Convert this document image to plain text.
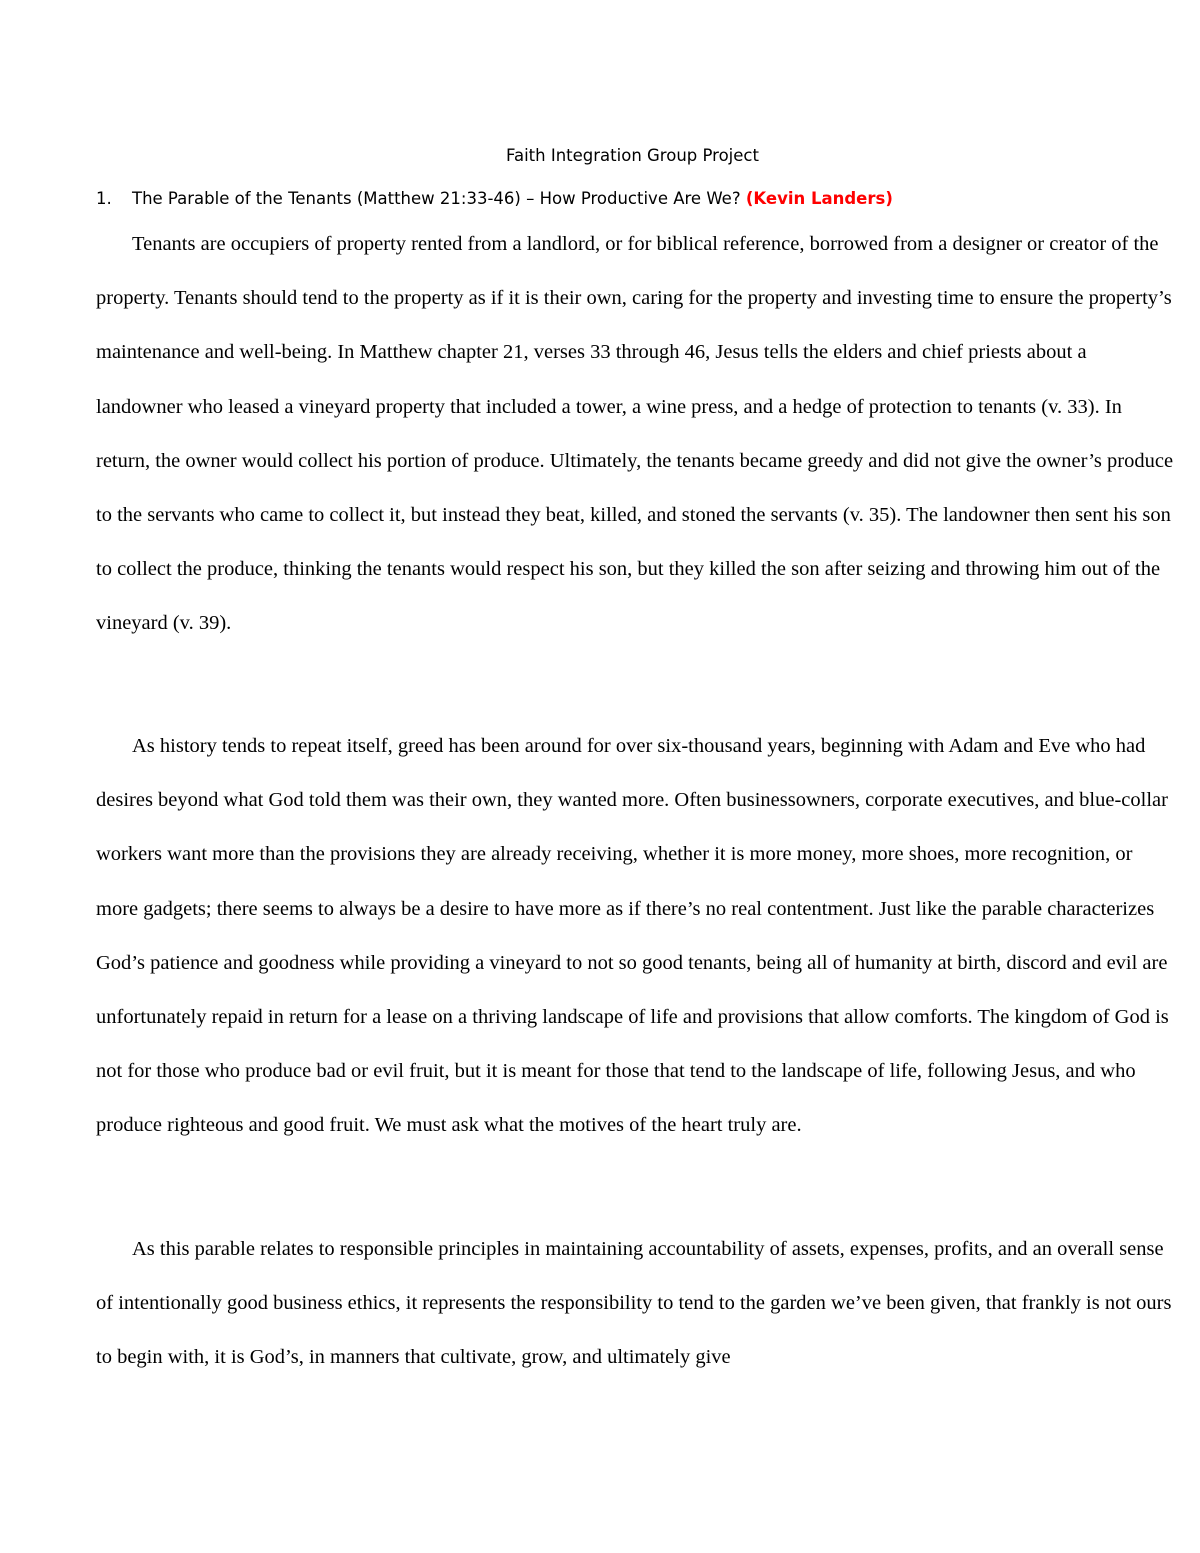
Faith Integration Group Project
1. The Parable of the Tenants (Matthew 21:33-46) – How Productive Are We? (Kevin Landers)

Tenants are occupiers of property rented from a landlord, or for biblical reference, borrowed from a designer or creator of the property. Tenants should tend to the property as if it is their own, caring for the property and investing time to ensure the property’s maintenance and well-being. In Matthew chapter 21, verses 33 through 46, Jesus tells the elders and chief priests about a landowner who leased a vineyard property that included a tower, a wine press, and a hedge of protection to tenants (v. 33). In return, the owner would collect his portion of produce. Ultimately, the tenants became greedy and did not give the owner’s produce to the servants who came to collect it, but instead they beat, killed, and stoned the servants (v. 35). The landowner then sent his son to collect the produce, thinking the tenants would respect his son, but they killed the son after seizing and throwing him out of the vineyard (v. 39).

As history tends to repeat itself, greed has been around for over six-thousand years, beginning with Adam and Eve who had desires beyond what God told them was their own, they wanted more. Often businessowners, corporate executives, and blue-collar workers want more than the provisions they are already receiving, whether it is more money, more shoes, more recognition, or more gadgets; there seems to always be a desire to have more as if there’s no real contentment. Just like the parable characterizes God’s patience and goodness while providing a vineyard to not so good tenants, being all of humanity at birth, discord and evil are unfortunately repaid in return for a lease on a thriving landscape of life and provisions that allow comforts. The kingdom of God is not for those who produce bad or evil fruit, but it is meant for those that tend to the landscape of life, following Jesus, and who produce righteous and good fruit. We must ask what the motives of the heart truly are.

As this parable relates to responsible principles in maintaining accountability of assets, expenses, profits, and an overall sense of intentionally good business ethics, it represents the responsibility to tend to the garden we’ve been given, that frankly is not ours to begin with, it is God’s, in manners that cultivate, grow, and ultimately give
